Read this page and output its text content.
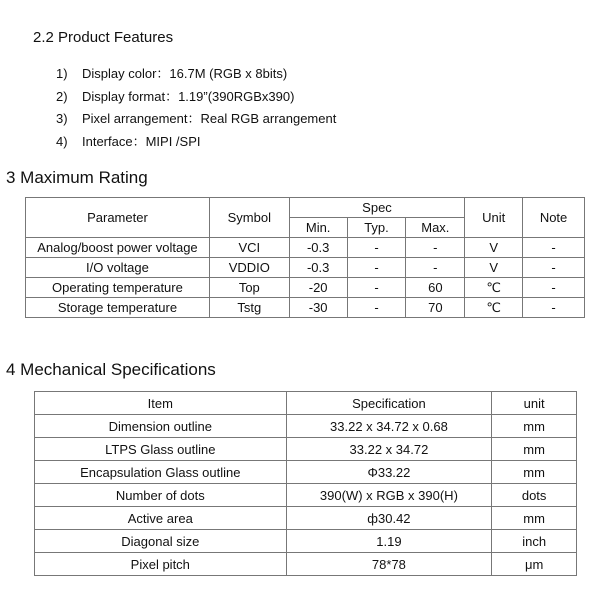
2.2 Product Features
1) Display color：16.7M (RGB x 8bits)
2) Display format：1.19”(390RGBx390)
3) Pixel arrangement：Real RGB arrangement
4) Interface：MIPI /SPI
3 Maximum Rating
Parameter	Symbol	Spec			Unit	Note
		Min.	Typ.	Max.		
Analog/boost power voltage	VCI	-0.3	-	-	V	-
I/O voltage	VDDIO	-0.3	-	-	V	-
Operating temperature	Top	-20	-	60	℃	-
Storage temperature	Tstg	-30	-	70	℃	-
4 Mechanical Specifications
Item	Specification	unit
Dimension outline	33.22 x 34.72 x 0.68	mm
LTPS Glass outline	33.22 x 34.72	mm
Encapsulation Glass outline	Φ33.22	mm
Number of dots	390(W) x RGB x 390(H)	dots
Active area	ф30.42	mm
Diagonal size	1.19	inch
Pixel pitch	78*78	μm
